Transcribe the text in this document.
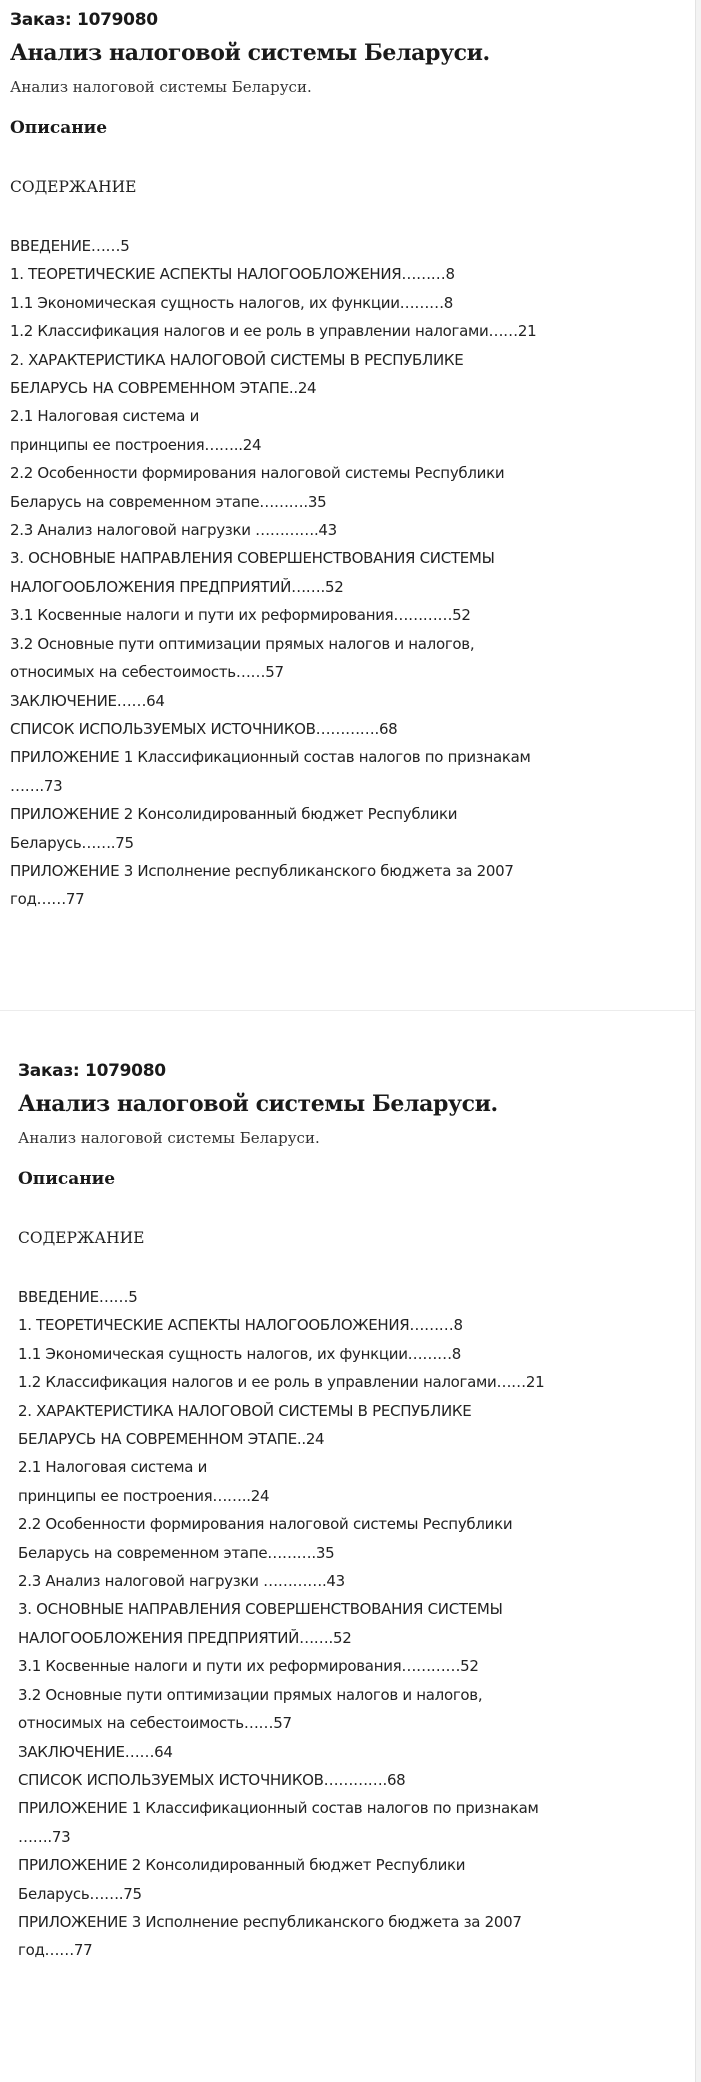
Заказ: 1079080
Анализ налоговой системы Беларуси.
Анализ налоговой системы Беларуси.
Описание
СОДЕРЖАНИЕ
ВВЕДЕНИЕ……5
1. ТЕОРЕТИЧЕСКИЕ АСПЕКТЫ НАЛОГООБЛОЖЕНИЯ………8
1.1 Экономическая сущность налогов, их функции………8
1.2 Классификация налогов и ее роль в управлении налогами……21
2. ХАРАКТЕРИСТИКА НАЛОГОВОЙ СИСТЕМЫ В РЕСПУБЛИКЕ
БЕЛАРУСЬ НА СОВРЕМЕННОМ ЭТАПЕ..24
2.1 Налоговая система и
принципы ее построения……..24
2.2 Особенности формирования налоговой системы Республики
Беларусь на современном этапе……….35
2.3 Анализ налоговой нагрузки ………….43
3. ОСНОВНЫЕ НАПРАВЛЕНИЯ СОВЕРШЕНСТВОВАНИЯ СИСТЕМЫ
НАЛОГООБЛОЖЕНИЯ ПРЕДПРИЯТИЙ…….52
3.1 Косвенные налоги и пути их реформирования…………52
3.2 Основные пути оптимизации прямых налогов и налогов,
относимых на себестоимость……57
ЗАКЛЮЧЕНИЕ……64
СПИСОК ИСПОЛЬЗУЕМЫХ ИСТОЧНИКОВ………….68
ПРИЛОЖЕНИЕ 1 Классификационный состав налогов по признакам
…….73
ПРИЛОЖЕНИЕ 2 Консолидированный бюджет Республики
Беларусь…….75
ПРИЛОЖЕНИЕ 3 Исполнение республиканского бюджета за 2007
год……77
Заказ: 1079080
Анализ налоговой системы Беларуси.
Анализ налоговой системы Беларуси.
Описание
СОДЕРЖАНИЕ
ВВЕДЕНИЕ……5
1. ТЕОРЕТИЧЕСКИЕ АСПЕКТЫ НАЛОГООБЛОЖЕНИЯ………8
1.1 Экономическая сущность налогов, их функции………8
1.2 Классификация налогов и ее роль в управлении налогами……21
2. ХАРАКТЕРИСТИКА НАЛОГОВОЙ СИСТЕМЫ В РЕСПУБЛИКЕ
БЕЛАРУСЬ НА СОВРЕМЕННОМ ЭТАПЕ..24
2.1 Налоговая система и
принципы ее построения……..24
2.2 Особенности формирования налоговой системы Республики
Беларусь на современном этапе……….35
2.3 Анализ налоговой нагрузки ………….43
3. ОСНОВНЫЕ НАПРАВЛЕНИЯ СОВЕРШЕНСТВОВАНИЯ СИСТЕМЫ
НАЛОГООБЛОЖЕНИЯ ПРЕДПРИЯТИЙ…….52
3.1 Косвенные налоги и пути их реформирования…………52
3.2 Основные пути оптимизации прямых налогов и налогов,
относимых на себестоимость……57
ЗАКЛЮЧЕНИЕ……64
СПИСОК ИСПОЛЬЗУЕМЫХ ИСТОЧНИКОВ………….68
ПРИЛОЖЕНИЕ 1 Классификационный состав налогов по признакам
…….73
ПРИЛОЖЕНИЕ 2 Консолидированный бюджет Республики
Беларусь…….75
ПРИЛОЖЕНИЕ 3 Исполнение республиканского бюджета за 2007
год……77
